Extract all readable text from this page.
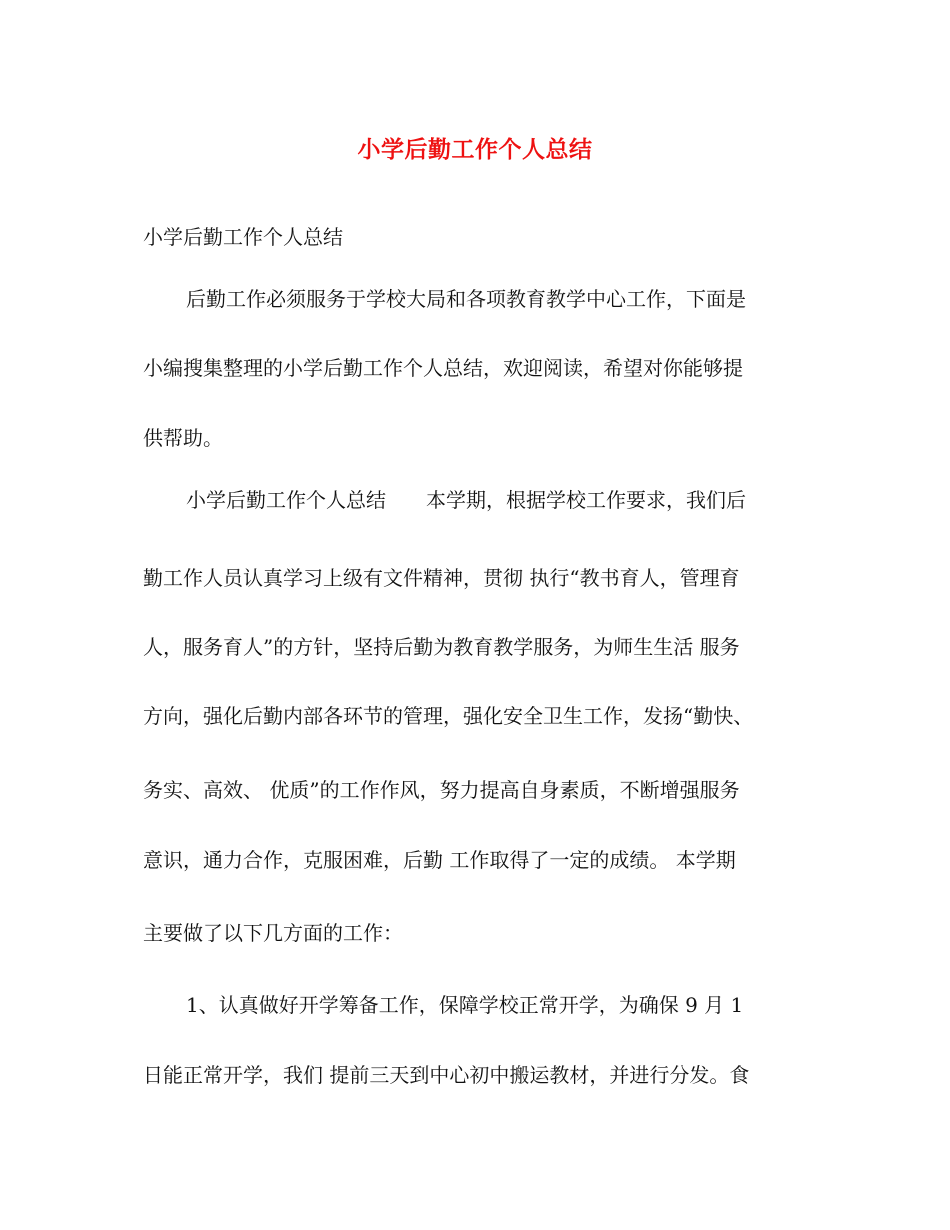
小学后勤工作个人总结
小学后勤工作个人总结
后勤工作必须服务于学校大局和各项教育教学中心工作，下面是
小编搜集整理的小学后勤工作个人总结，欢迎阅读，希望对你能够提
供帮助。
小学后勤工作个人总结　　本学期，根据学校工作要求，我们后
勤工作人员认真学习上级有文件精神，贯彻 执行“教书育人，管理育
人，服务育人”的方针，坚持后勤为教育教学服务，为师生生活 服务
方向，强化后勤内部各环节的管理，强化安全卫生工作，发扬“勤快、
务实、高效、 优质”的工作作风，努力提高自身素质，不断增强服务
意识，通力合作，克服困难，后勤 工作取得了一定的成绩。 本学期
主要做了以下几方面的工作：
1、认真做好开学筹备工作，保障学校正常开学，为确保 9 月 1
日能正常开学，我们 提前三天到中心初中搬运教材，并进行分发。食
